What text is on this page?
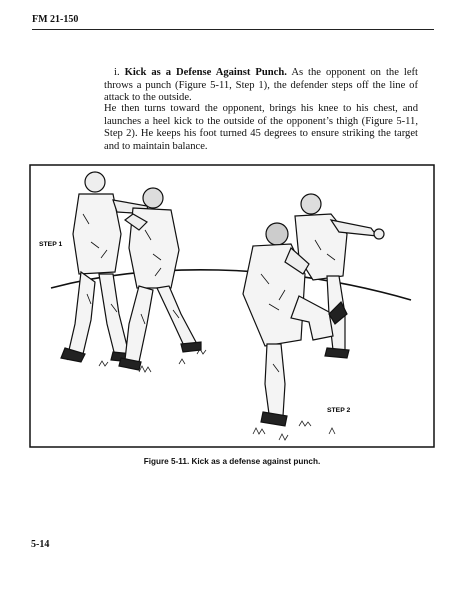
FM 21-150
i. Kick as a Defense Against Punch. As the opponent on the left throws a punch (Figure 5-11, Step 1), the defender steps off the line of attack to the outside.
He then turns toward the opponent, brings his knee to his chest, and launches a heel kick to the outside of the opponent’s thigh (Figure 5-11, Step 2). He keeps his foot turned 45 degrees to ensure striking the target and to maintain balance.
STEP 1
STEP 2
Figure 5-11. Kick as a defense against punch.
5-14
